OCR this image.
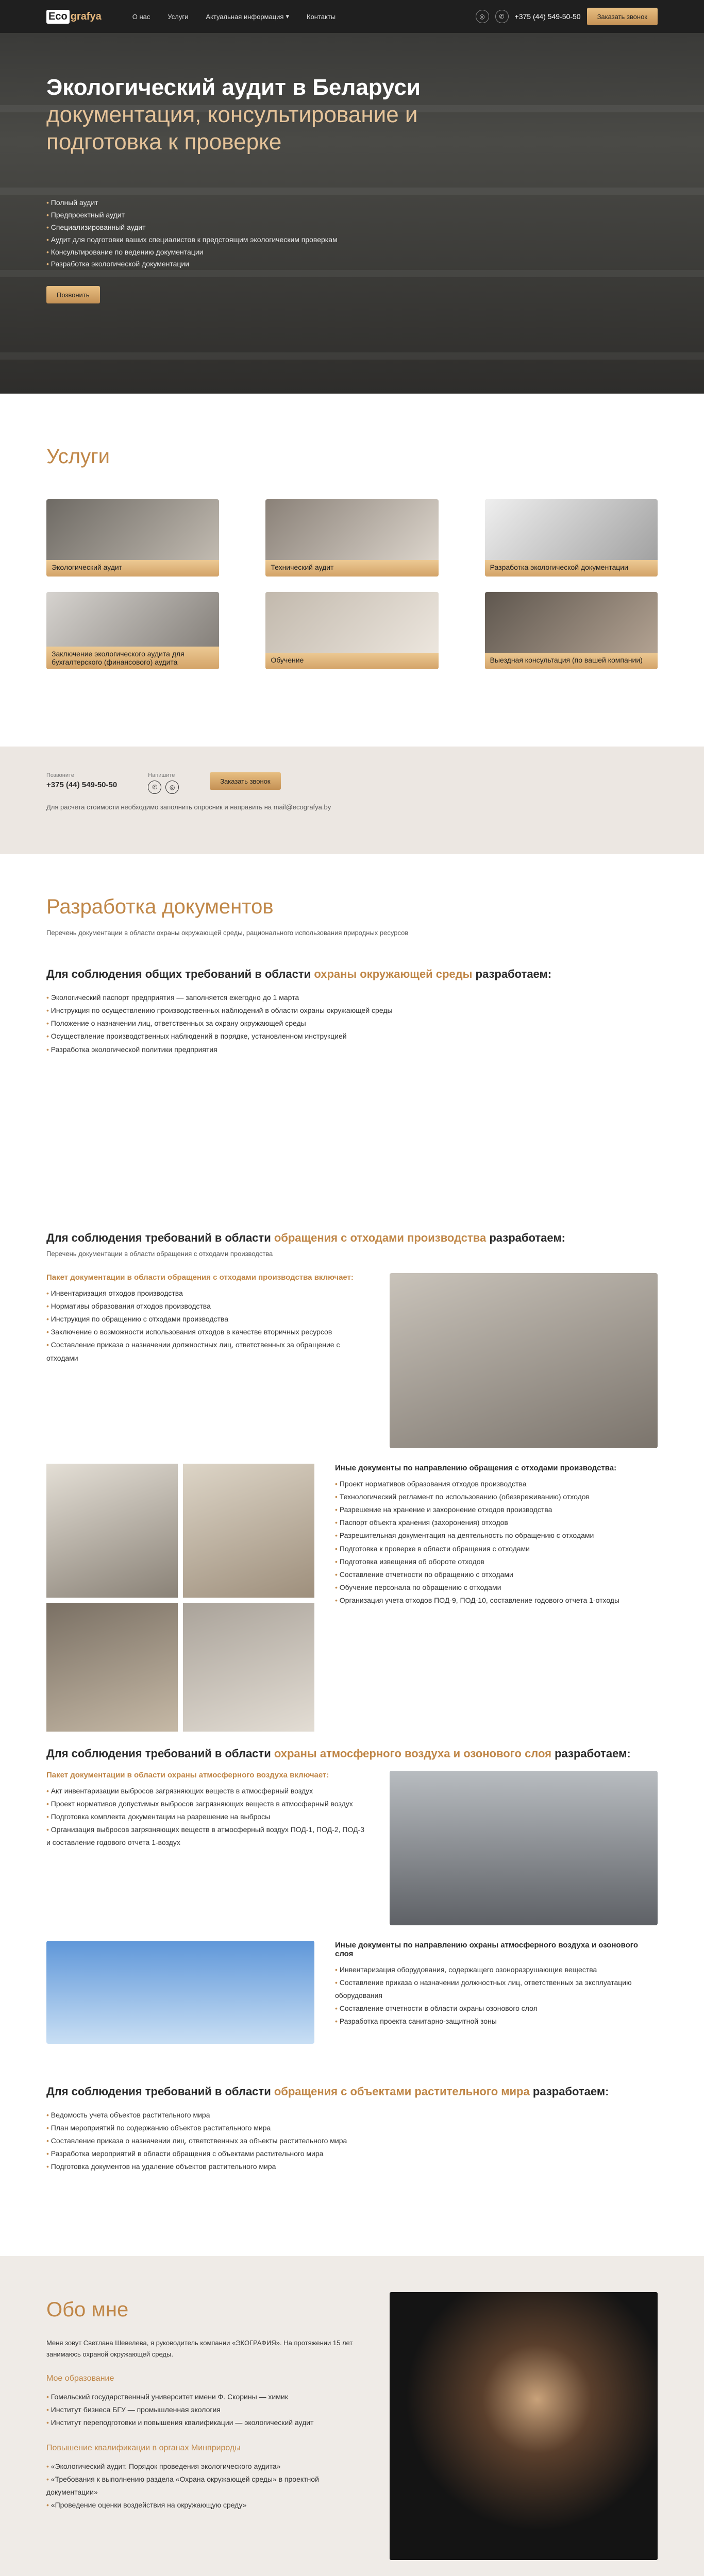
Eco grafya	О нас	Услуги	Актуальная информация ▾	Контакты	◎	✆	+375 (44) 549-50-50	Заказать звонок
Экологический аудит в Беларуси
документация, консультирование и подготовка к проверке
• Полный аудит
• Предпроектный аудит
• Специализированный аудит
• Аудит для подготовки ваших специалистов к предстоящим экологическим проверкам
• Консультирование по ведению документации
• Разработка экологической документации
Позвонить
Услуги
Экологический аудит	Технический аудит	Разработка экологической документации
Заключение экологического аудита для бухгалтерского (финансового) аудита	Обучение	Выездная консультация (по вашей компании)
Позвоните
+375 (44) 549-50-50
Напишите
✆	◎
Заказать звонок
Для расчета стоимости необходимо заполнить опросник и направить на mail@ecografya.by
Разработка документов
Перечень документации в области охраны окружающей среды, рационального использования природных ресурсов
Для соблюдения общих требований в области охраны окружающей среды разработаем:
• Экологический паспорт предприятия — заполняется ежегодно до 1 марта
• Инструкция по осуществлению производственных наблюдений в области охраны окружающей среды
• Положение о назначении лиц, ответственных за охрану окружающей среды
• Осуществление производственных наблюдений в порядке, установленном инструкцией
• Разработка экологической политики предприятия
Для соблюдения требований в области обращения с отходами производства разработаем:
Перечень документации в области обращения с отходами производства
Пакет документации в области обращения с отходами производства включает:
• Инвентаризация отходов производства
• Нормативы образования отходов производства
• Инструкция по обращению с отходами производства
• Заключение о возможности использования отходов в качестве вторичных ресурсов
• Составление приказа о назначении должностных лиц, ответственных за обращение с отходами
Иные документы по направлению обращения с отходами производства:
• Проект нормативов образования отходов производства
• Технологический регламент по использованию (обезвреживанию) отходов
• Разрешение на хранение и захоронение отходов производства
• Паспорт объекта хранения (захоронения) отходов
• Разрешительная документация на деятельность по обращению с отходами
• Подготовка к проверке в области обращения с отходами
• Подготовка извещения об обороте отходов
• Составление отчетности по обращению с отходами
• Обучение персонала по обращению с отходами
• Организация учета отходов ПОД-9, ПОД-10, составление годового отчета 1-отходы
Для соблюдения требований в области охраны атмосферного воздуха и озонового слоя разработаем:
Пакет документации в области охраны атмосферного воздуха включает:
• Акт инвентаризации выбросов загрязняющих веществ в атмосферный воздух
• Проект нормативов допустимых выбросов загрязняющих веществ в атмосферный воздух
• Подготовка комплекта документации на разрешение на выбросы
• Организация выбросов загрязняющих веществ в атмосферный воздух ПОД-1, ПОД-2, ПОД-3 и составление годового отчета 1-воздух
Иные документы по направлению охраны атмосферного воздуха и озонового слоя
• Инвентаризация оборудования, содержащего озоноразрушающие вещества
• Составление приказа о назначении должностных лиц, ответственных за эксплуатацию оборудования
• Составление отчетности в области охраны озонового слоя
• Разработка проекта санитарно-защитной зоны
Для соблюдения требований в области обращения с объектами растительного мира разработаем:
• Ведомость учета объектов растительного мира
• План мероприятий по содержанию объектов растительного мира
• Составление приказа о назначении лиц, ответственных за объекты растительного мира
• Разработка мероприятий в области обращения с объектами растительного мира
• Подготовка документов на удаление объектов растительного мира
Обо мне

Меня зовут Светлана Шевелева, я руководитель компании «ЭКОГРАФИЯ». На протяжении 15 лет занимаюсь охраной окружающей среды.

Мое образование
• Гомельский государственный университет имени Ф. Скорины — химик
• Институт бизнеса БГУ — промышленная экология
• Институт переподготовки и повышения квалификации — экологический аудит
Повышение квалификации в органах Минприроды
• «Экологический аудит. Порядок проведения экологического аудита»
• «Требования к выполнению раздела «Охрана окружающей среды» в проектной документации»
• «Проведение оценки воздействия на окружающую среду»
